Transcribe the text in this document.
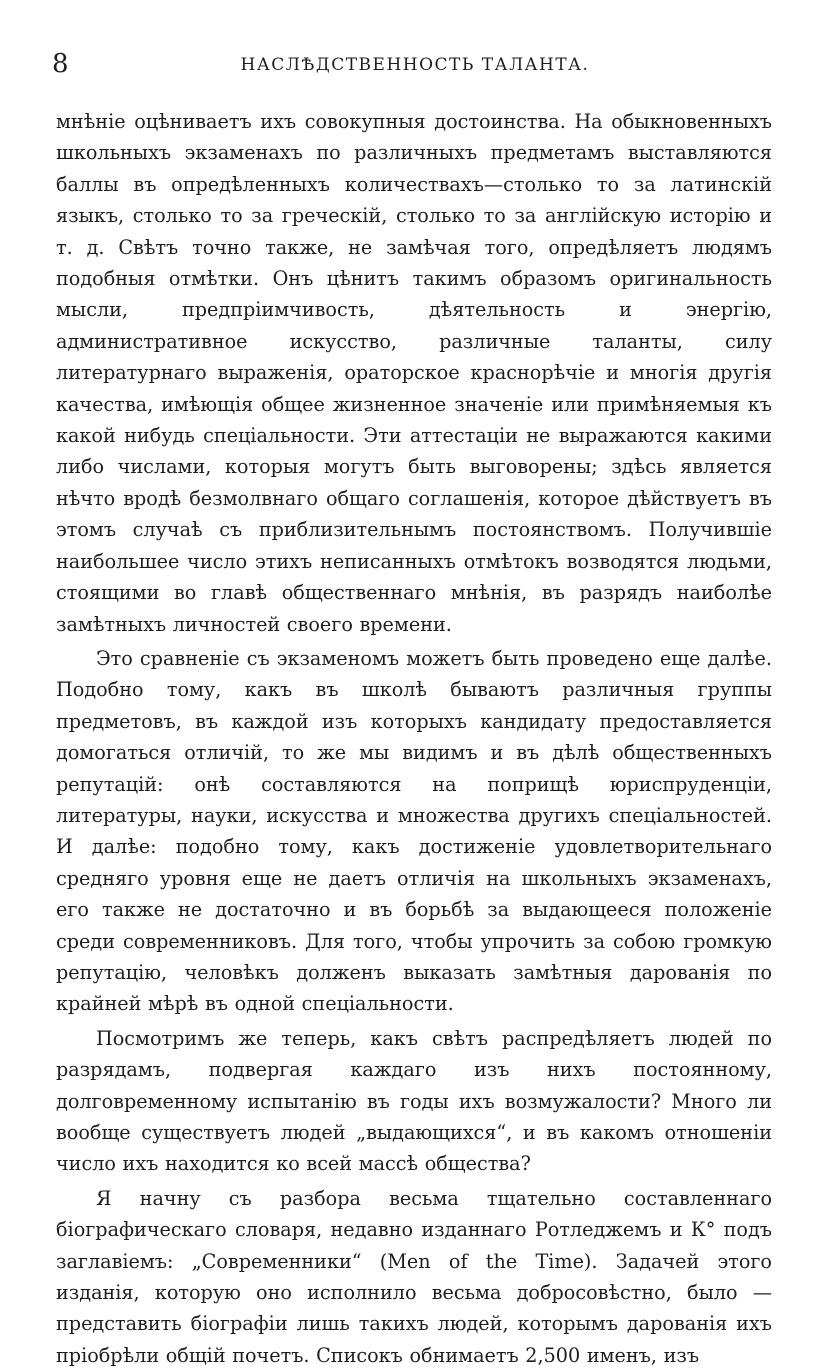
8	НАСЛѢДСТВЕННОСТЬ ТАЛАНТА.

мнѣніе оцѣниваетъ ихъ совокупныя достоинства. На обыкновенныхъ школьныхъ экзаменахъ по различныхъ предметамъ выставляются баллы въ опредѣленныхъ количествахъ—столько то за латинскій языкъ, столько то за греческій, столько то за англійскую исторію и т. д. Свѣтъ точно также, не замѣчая того, опредѣляетъ людямъ подобныя отмѣтки. Онъ цѣнитъ такимъ образомъ оригинальность мысли, предпріимчивость, дѣятельность и энергію, административное искусство, различные таланты, силу литературнаго выраженія, ораторское краснорѣчіе и многія другія качества, имѣющія общее жизненное значеніе или примѣняемыя къ какой нибудь спеціальности. Эти аттестаціи не выражаются какими либо числами, которыя могутъ быть выговорены; здѣсь является нѣчто вродѣ безмолвнаго общаго соглашенія, которое дѣйствуетъ въ этомъ случаѣ съ приблизительнымъ постоянствомъ. Получившіе наибольшее число этихъ неписанныхъ отмѣтокъ возводятся людьми, стоящими во главѣ общественнаго мнѣнія, въ разрядъ наиболѣе замѣтныхъ личностей своего времени.

Это сравненіе съ экзаменомъ можетъ быть проведено еще далѣе. Подобно тому, какъ въ школѣ бываютъ различныя группы предметовъ, въ каждой изъ которыхъ кандидату предоставляется домогаться отличій, то же мы видимъ и въ дѣлѣ общественныхъ репутацій: онѣ составляются на поприщѣ юриспруденціи, литературы, науки, искусства и множества другихъ спеціальностей. И далѣе: подобно тому, какъ достиженіе удовлетворительнаго средняго уровня еще не даетъ отличія на школьныхъ экзаменахъ, его также не достаточно и въ борьбѣ за выдающееся положеніе среди современниковъ. Для того, чтобы упрочить за собою громкую репутацію, человѣкъ долженъ выказать замѣтныя дарованія по крайней мѣрѣ въ одной спеціальности.

Посмотримъ же теперь, какъ свѣтъ распредѣляетъ людей по разрядамъ, подвергая каждаго изъ нихъ постоянному, долговременному испытанію въ годы ихъ возмужалости? Много ли вообще существуетъ людей „выдающихся“, и въ какомъ отношеніи число ихъ находится ко всей массѣ общества?

Я начну съ разбора весьма тщательно составленнаго біографическаго словаря, недавно изданнаго Ротледжемъ и К° подъ заглавіемъ: „Современники“ (Men of the Time). Задачей этого изданія, которую оно исполнило весьма добросовѣстно, было — представить біографіи лишь такихъ людей, которымъ дарованія ихъ пріобрѣли общій почетъ. Списокъ обнимаетъ 2,500 именъ, изъ
